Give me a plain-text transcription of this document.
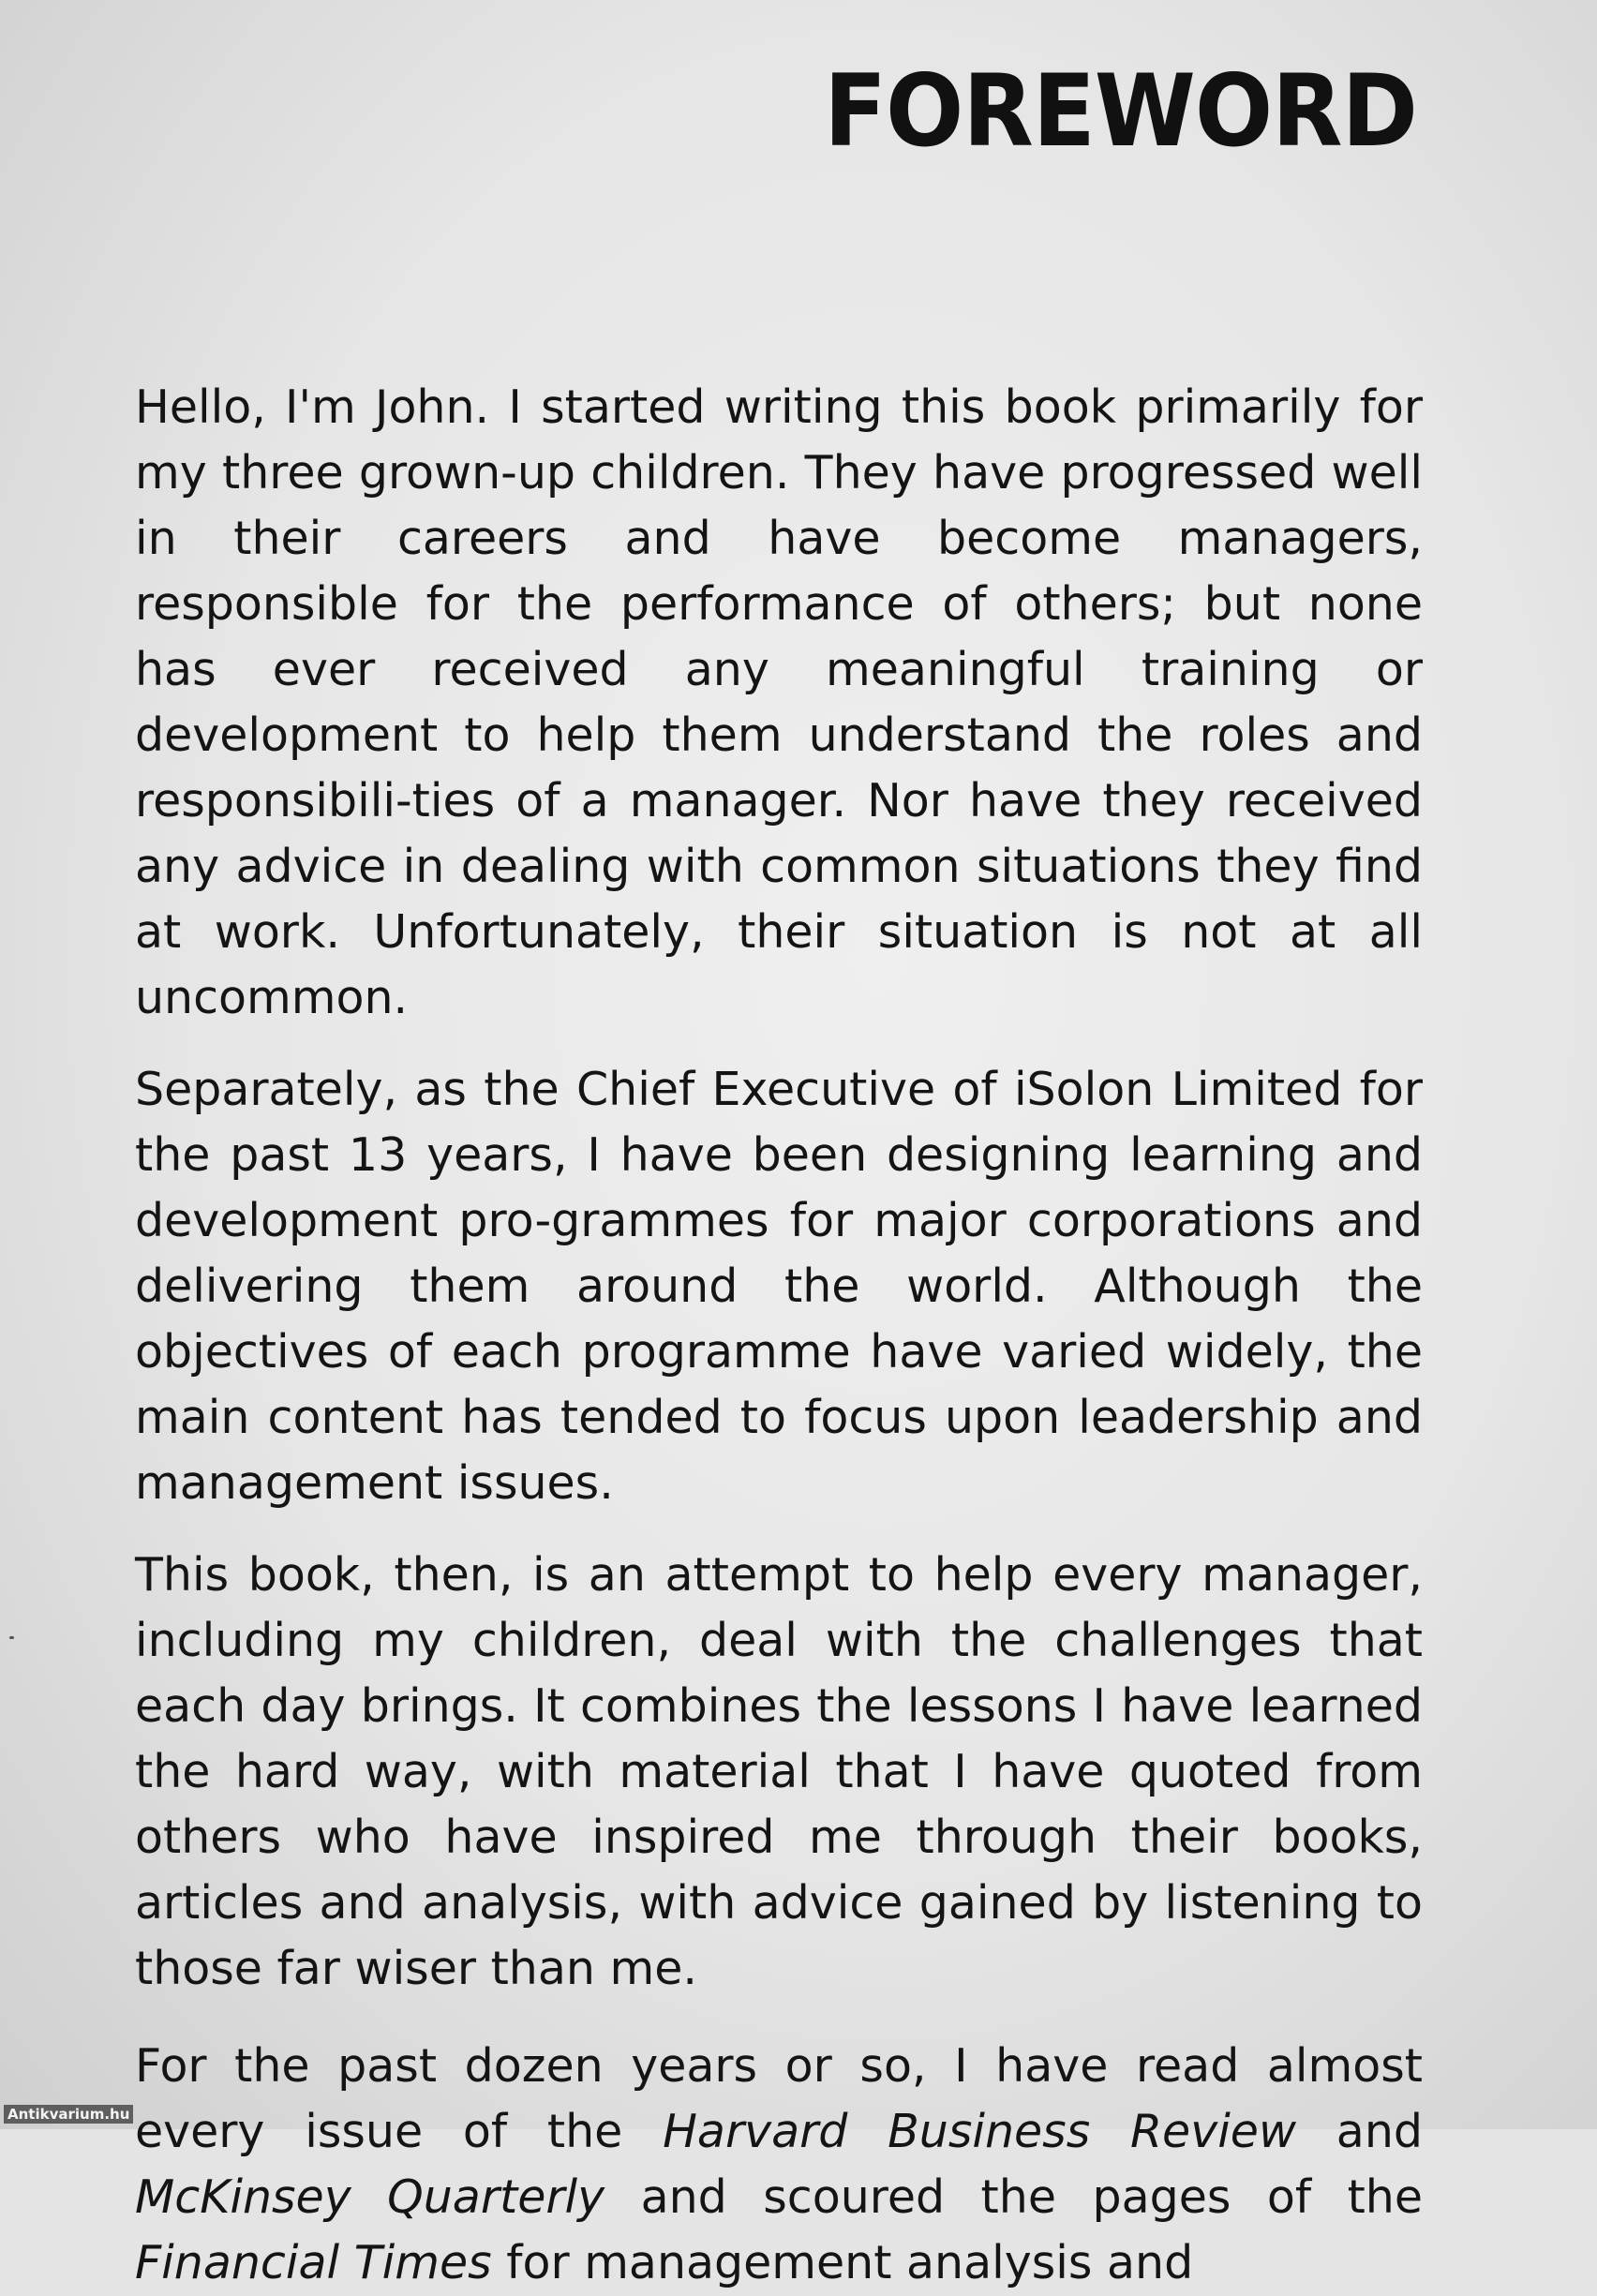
FOREWORD

Hello, I'm John. I started writing this book primarily for my three grown-up children. They have progressed well in their careers and have become managers, responsible for the performance of others; but none has ever received any meaningful training or development to help them understand the roles and responsibili-ties of a manager. Nor have they received any advice in dealing with common situations they find at work. Unfortunately, their situation is not at all uncommon.

Separately, as the Chief Executive of iSolon Limited for the past 13 years, I have been designing learning and development pro-grammes for major corporations and delivering them around the world. Although the objectives of each programme have varied widely, the main content has tended to focus upon leadership and management issues.

This book, then, is an attempt to help every manager, including my children, deal with the challenges that each day brings. It combines the lessons I have learned the hard way, with material that I have quoted from others who have inspired me through their books, articles and analysis, with advice gained by listening to those far wiser than me.

For the past dozen years or so, I have read almost every issue of the Harvard Business Review and McKinsey Quarterly and scoured the pages of the Financial Times for management analysis and

Antikvarium.hu
